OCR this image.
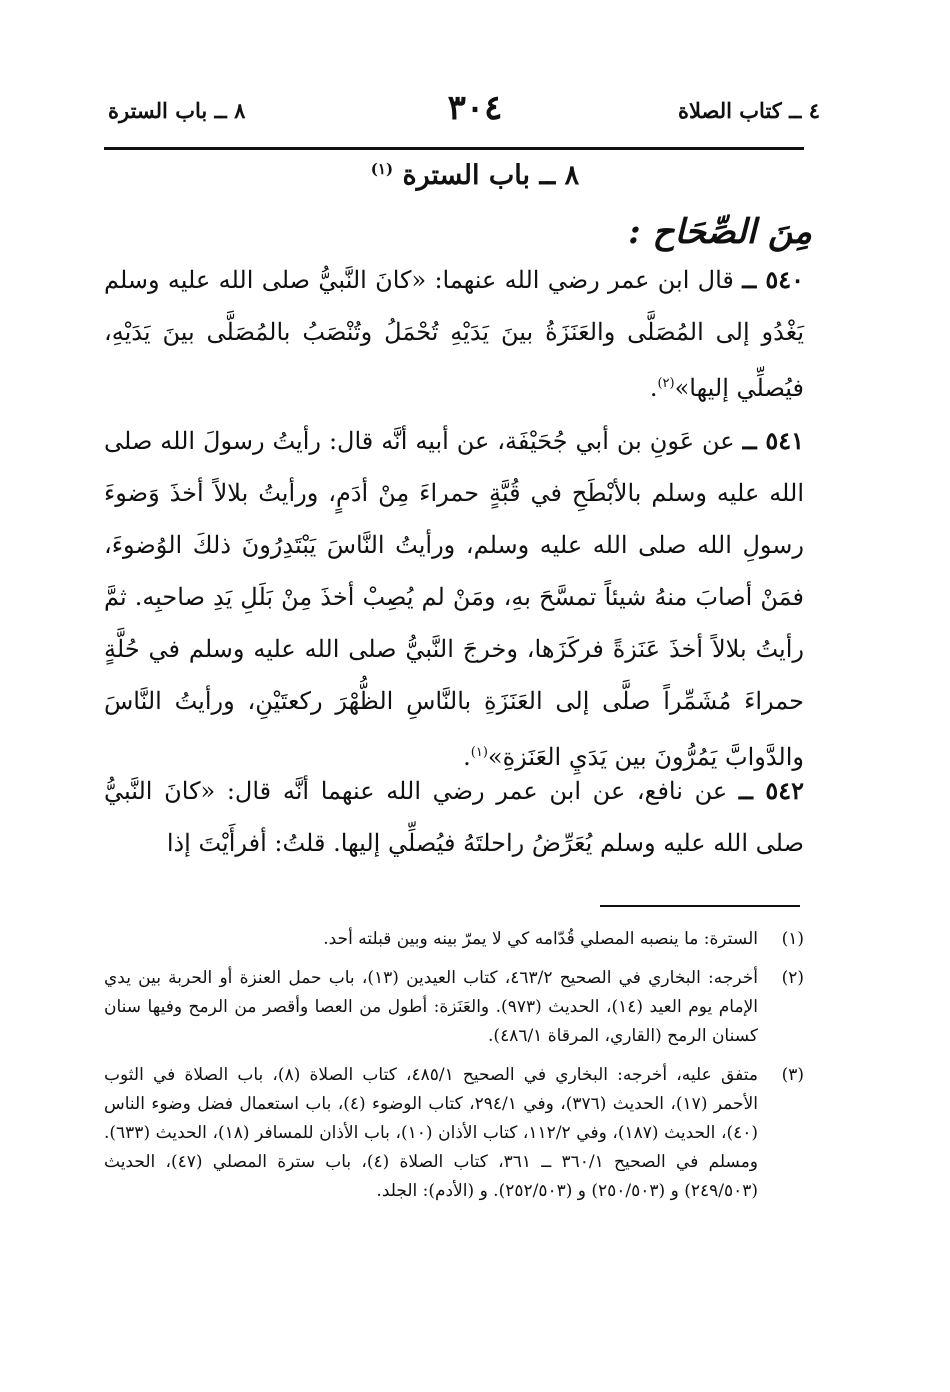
٤ ــ كتاب الصلاة
٣٠٤
٨ ــ باب السترة
٨ ــ باب السترة $^{(١)}$
مِنَ الصِّحَاح :
٥٤٠ ــ قال ابن عمر رضي الله عنهما: «كانَ النَّبيُّ صلى الله عليه وسلم يَغْدُو إلى المُصَلَّى والعَنَزَةُ بينَ يَدَيْهِ تُحْمَلُ وتُنْصَبُ بالمُصَلَّى بينَ يَدَيْهِ، فيُصلِّي إليها»$^{(٢)}$.
٥٤١ ــ عن عَونِ بن أبي جُحَيْفَة، عن أبيه أنَّه قال: رأيتُ رسولَ الله صلى الله عليه وسلم بالأبْطَحِ في قُبَّةٍ حمراءَ مِنْ أدَمٍ، ورأيتُ بلالاً أخذَ وَضوءَ رسولِ الله صلى الله عليه وسلم، ورأيتُ النَّاسَ يَبْتَدِرُونَ ذلكَ الوُضوءَ، فمَنْ أصابَ منهُ شيئاً تمسَّحَ بهِ، ومَنْ لم يُصِبْ أخذَ مِنْ بَلَلِ يَدِ صاحبِه. ثمَّ رأيتُ بلالاً أخذَ عَنَزةً فركَزَها، وخرجَ النَّبيُّ صلى الله عليه وسلم في حُلَّةٍ حمراءَ مُشَمِّراً صلَّى إلى العَنَزَةِ بالنَّاسِ الظُّهْرَ ركعتَيْنِ، ورأيتُ النَّاسَ والدَّوابَّ يَمُرُّونَ بين يَدَيِ العَنَزةِ»$^{(١)}$.
٥٤٢ ــ عن نافع، عن ابن عمر رضي الله عنهما أنَّه قال: «كانَ النَّبيُّ صلى الله عليه وسلم يُعَرِّضُ راحلتَهُ فيُصلِّي إليها. قلتُ: أفرأَيْتَ إذا
(١)
السترة: ما ينصبه المصلي قُدّامه كي لا يمرّ بينه وبين قبلته أحد.
(٢)
أخرجه: البخاري في الصحيح ٤٦٣/٢، كتاب العيدين (١٣)، باب حمل العنزة أو الحربة بين يدي الإمام يوم العيد (١٤)، الحديث (٩٧٣). والعَنَزة: أطول من العصا وأقصر من الرمح وفيها سنان كسنان الرمح (القاري، المرقاة ٤٨٦/١).
(٣)
متفق عليه، أخرجه: البخاري في الصحيح ٤٨٥/١، كتاب الصلاة (٨)، باب الصلاة في الثوب الأحمر (١٧)، الحديث (٣٧٦)، وفي ٢٩٤/١، كتاب الوضوء (٤)، باب استعمال فضل وضوء الناس (٤٠)، الحديث (١٨٧)، وفي ١١٢/٢، كتاب الأذان (١٠)، باب الأذان للمسافر (١٨)، الحديث (٦٣٣). ومسلم في الصحيح ٣٦٠/١ ــ ٣٦١، كتاب الصلاة (٤)، باب سترة المصلي (٤٧)، الحديث (٢٤٩/٥٠٣) و (٢٥٠/٥٠٣) و (٢٥٢/٥٠٣). و (الأدم): الجلد.
